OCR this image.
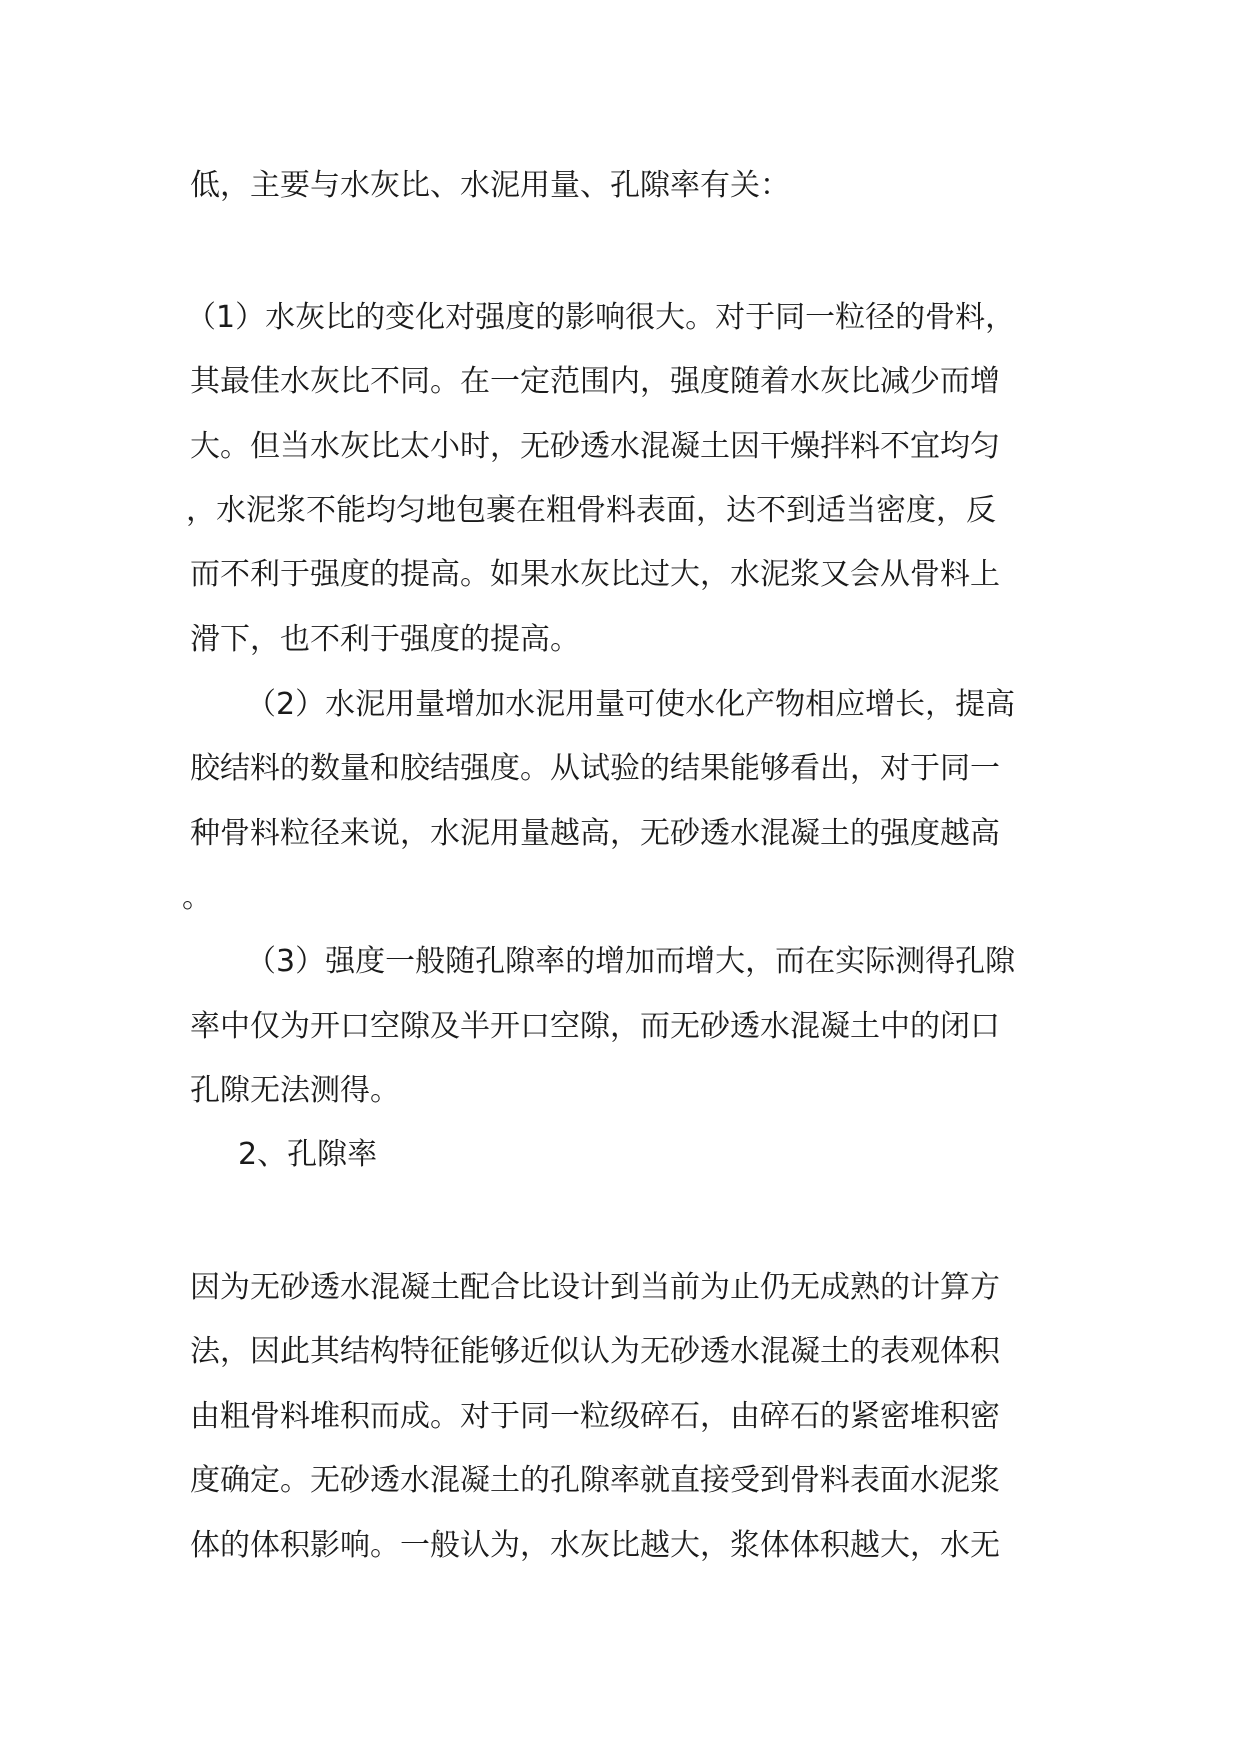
低，主要与水灰比、水泥用量、孔隙率有关：
（1）水灰比的变化对强度的影响很大。对于同一粒径的骨料，
其最佳水灰比不同。在一定范围内，强度随着水灰比减少而增
大。但当水灰比太小时，无砂透水混凝土因干燥拌料不宜均匀
，水泥浆不能均匀地包裹在粗骨料表面，达不到适当密度，反
而不利于强度的提高。如果水灰比过大，水泥浆又会从骨料上
滑下，也不利于强度的提高。
（2）水泥用量增加水泥用量可使水化产物相应增长，提高
胶结料的数量和胶结强度。从试验的结果能够看出，对于同一
种骨料粒径来说，水泥用量越高，无砂透水混凝土的强度越高
。
（3）强度一般随孔隙率的增加而增大，而在实际测得孔隙
率中仅为开口空隙及半开口空隙，而无砂透水混凝土中的闭口
孔隙无法测得。
2、孔隙率
因为无砂透水混凝土配合比设计到当前为止仍无成熟的计算方
法，因此其结构特征能够近似认为无砂透水混凝土的表观体积
由粗骨料堆积而成。对于同一粒级碎石，由碎石的紧密堆积密
度确定。无砂透水混凝土的孔隙率就直接受到骨料表面水泥浆
体的体积影响。一般认为，水灰比越大，浆体体积越大，水无
